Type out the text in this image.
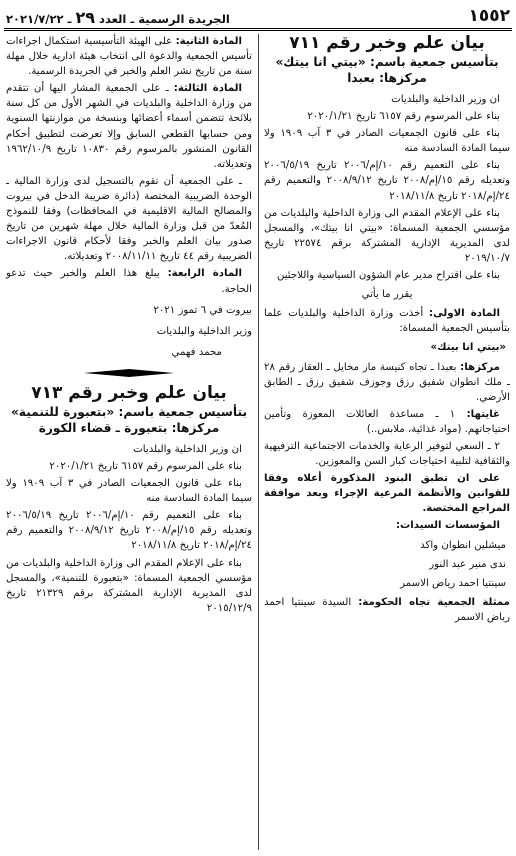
١٥٥٢
الجريدة الرسمية ـ العدد ٢٩ ـ ٢٠٢١/٧/٢٢
بيان علم وخبر رقم ٧١١
بتأسيس جمعية باسم: «بيتي انا بيتك»
مركزها: بعبدا

ان وزير الداخلية والبلديات

بناء على المرسوم رقم ٦١٥٧ تاريخ ٢٠٢٠/١/٢١

بناء على قانون الجمعيات الصادر في ٣ آب ١٩٠٩ ولا سيما المادة السادسة منه

بناء على التعميم رقم ١٠/إم/٢٠٠٦ تاريخ ٢٠٠٦/٥/١٩ وتعديله رقم ١٥/إم/٢٠٠٨ تاريخ ٢٠٠٨/٩/١٢ والتعميم رقم ٢٤/إم/٢٠١٨ تاريخ ٢٠١٨/١١/٨

بناء على الإعلام المقدم الى وزارة الداخلية والبلديات من مؤسسي الجمعية المسماة: «بيتي انا بيتك»، والمسجل لدى المديرية الإدارية المشتركة برقم ٢٢٥٧٤ تاريخ ٢٠١٩/١٠/٧

بناء على اقتراح مدير عام الشؤون السياسية واللاجئين

يقرر ما يأتي

المادة الاولى: أخذت وزارة الداخلية والبلديات علما بتأسيس الجمعية المسماة:

«بيتي انا بيتك»

مركزها: بعبدا ـ تجاه كنيسة مار مخايل ـ العقار رقم ٢٨ ـ ملك انطوان شفيق رزق وجوزف شفيق رزق ـ الطابق الأرضي.

غايتها: ١ ـ مساعدة العائلات المعوزة وتأمين احتياجاتهم. (مواد غذائية، ملابس..)

٢ ـ السعي لتوفير الرعاية والخدمات الاجتماعية الترفيهية والثقافية لتلبية احتياجات كبار السن والمعوزين.

على ان تطبق البنود المذكورة أعلاه وفقا للقوانين والأنظمة المرعية الإجراء وبعد موافقة المراجع المختصة.

المؤسسات السيدات:

ميشلين انطوان واكد

ندى منير عبد النور

سينتيا احمد رياض الاسمر

ممثلة الجمعية تجاه الحكومة: السيدة سينتيا احمد رياض الاسمر

المادة الثانية: على الهيئة التأسيسية استكمال اجراءات تأسيس الجمعية والدعوة الى انتخاب هيئة ادارية خلال مهلة سنة من تاريخ نشر العلم والخبر في الجريدة الرسمية.

المادة الثالثة: ـ على الجمعية المشار اليها أن تتقدم من وزارة الداخلية والبلديات في الشهر الأول من كل سنة بلائحة تتضمن أسماء أعضائها وبنسخة من موازنتها السنوية ومن حسابها القطعي السابق وإلا تعرضت لتطبيق أحكام القانون المنشور بالمرسوم رقم ١٠٨٣٠ تاريخ ١٩٦٢/١٠/٩ وتعديلاته.

ـ على الجمعية أن تقوم بالتسجيل لدى وزارة المالية ـ الوحدة الضريبية المختصة (دائرة ضريبة الدخل في بيروت والمصالح المالية الاقليمية في المحافظات) وفقا للنموذج المُعدّ من قبل وزارة المالية خلال مهلة شهرين من تاريخ صدور بيان العلم والخبر وفقا لأحكام قانون الاجراءات الضريبية رقم ٤٤ تاريخ ٢٠٠٨/١١/١١ وتعديلاته.

المادة الرابعة: يبلغ هذا العلم والخبر حيث تدعو الحاجة.

بيروت في ٦ تموز ٢٠٢١

وزير الداخلية والبلديات

محمد فهمي

بيان علم وخبر رقم ٧١٣
بتأسيس جمعية باسم: «بتعبورة للتنمية»
مركزها: بتعبورة ـ قضاء الكورة

ان وزير الداخلية والبلديات

بناء على المرسوم رقم ٦١٥٧ تاريخ ٢٠٢٠/١/٢١

بناء على قانون الجمعيات الصادر في ٣ آب ١٩٠٩ ولا سيما المادة السادسة منه

بناء على التعميم رقم ١٠/إم/٢٠٠٦ تاريخ ٢٠٠٦/٥/١٩ وتعديله رقم ١٥/إم/٢٠٠٨ تاريخ ٢٠٠٨/٩/١٢ والتعميم رقم ٢٤/إم/٢٠١٨ تاريخ ٢٠١٨/١١/٨

بناء على الإعلام المقدم الى وزارة الداخلية والبلديات من مؤسسي الجمعية المسماة: «بتعبورة للتنمية»، والمسجل لدى المديرية الإدارية المشتركة برقم ٢١٣٢٩ تاريخ ٢٠١٥/١٢/٩
